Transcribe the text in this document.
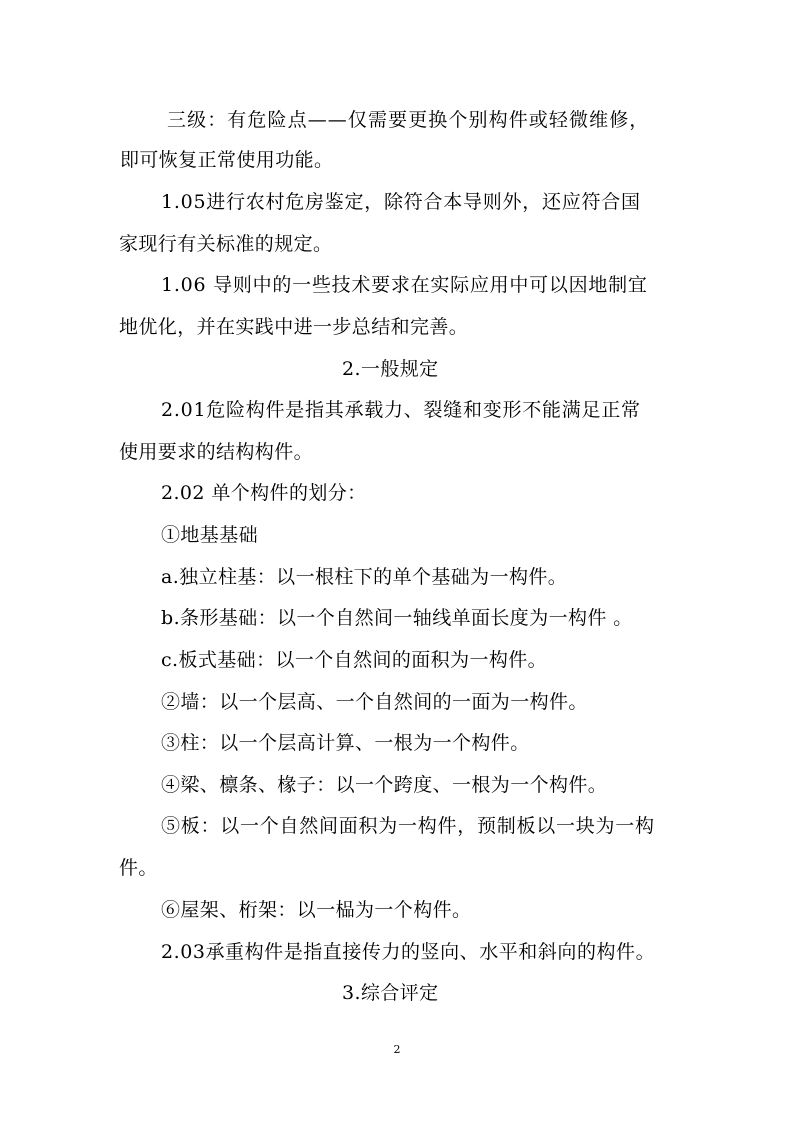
三级：有危险点——仅需要更换个别构件或轻微维修，
即可恢复正常使用功能。
1.05进行农村危房鉴定，除符合本导则外，还应符合国
家现行有关标准的规定。
1.06 导则中的一些技术要求在实际应用中可以因地制宜
地优化，并在实践中进一步总结和完善。
2.一般规定
2.01危险构件是指其承载力、裂缝和变形不能满足正常
使用要求的结构构件。
2.02 单个构件的划分：
①地基基础
a.独立柱基：以一根柱下的单个基础为一构件。
b.条形基础：以一个自然间一轴线单面长度为一构件 。
c.板式基础：以一个自然间的面积为一构件。
②墙：以一个层高、一个自然间的一面为一构件。
③柱：以一个层高计算、一根为一个构件。
④梁、檩条、椽子：以一个跨度、一根为一个构件。
⑤板：以一个自然间面积为一构件，预制板以一块为一构
件。
⑥屋架、桁架：以一榀为一个构件。
2.03承重构件是指直接传力的竖向、水平和斜向的构件。
3.综合评定
2
